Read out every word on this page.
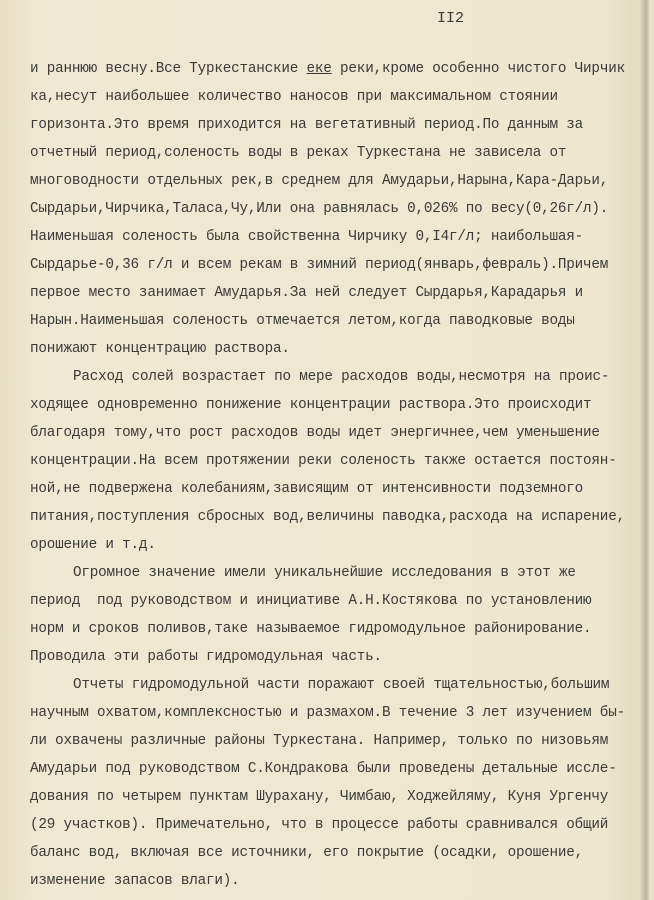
II2
и раннюю весну.Все Туркестанские еке реки,кроме особенно чистого Чирчик
ка,несут наибольшее количество наносов при максимальном стоянии
горизонта.Это время приходится на вегетативный период.По данным за
отчетный период,соленость воды в реках Туркестана не зависела от
многоводности отдельных рек,в среднем для Амударьи,Нарына,Кара-Дарьи,
Сырдарьи,Чирчика,Таласа,Чу,Или она равнялась 0,026% по весу(0,26г/л).
Наименьшая соленость была свойственна Чирчику 0,I4г/л; наибольшая-
Сырдарье-0,36 г/л и всем рекам в зимний период(январь,февраль).Причем
первое место занимает Амударья.За ней следует Сырдарья,Карадарья и
Нарын.Наименьшая соленость отмечается летом,когда паводковые воды
понижают концентрацию раствора.
Расход солей возрастает по мере расходов воды,несмотря на проис-
ходящее одновременно понижение концентрации раствора.Это происходит
благодаря тому,что рост расходов воды идет энергичнее,чем уменьшение
концентрации.На всем протяжении реки соленость также остается постоян-
ной,не подвержена колебаниям,зависящим от интенсивности подземного
питания,поступления сбросных вод,величины паводка,расхода на испарение,
орошение и т.д.
Огромное значение имели уникальнейшие исследования в этот же
период  под руководством и инициативе А.Н.Костякова по установлению
норм и сроков поливов,таке называемое гидромодульное районирование.
Проводила эти работы гидромодульная часть.
Отчеты гидромодульной части поражают своей тщательностью,большим
научным охватом,комплексностью и размахом.В течение 3 лет изучением бы-
ли охвачены различные районы Туркестана. Например, только по низовьям
Амударьи под руководством С.Кондракова были проведены детальные иссле-
дования по четырем пунктам Шурахану, Чимбаю, Ходжейляму, Куня Ургенчу
(29 участков). Примечательно, что в процессе работы сравнивался общий
баланс вод, включая все источники, его покрытие (осадки, орошение,
изменение запасов влаги).
